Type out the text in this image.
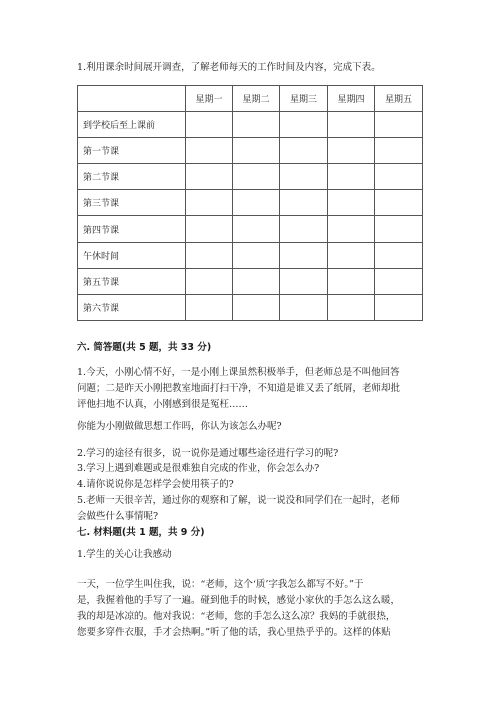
1.利用课余时间展开调查，了解老师每天的工作时间及内容，完成下表。
	星期一	星期二	星期三	星期四	星期五
到学校后至上课前					
第一节课					
第二节课					
第三节课					
第四节课					
午休时间					
第五节课					
第六节课					
六. 简答题(共 5 题，共 33 分)
1.今天，小刚心情不好，一是小刚上课虽然积极举手，但老师总是不叫他回答
问题；二是昨天小刚把教室地面打扫干净，不知道是谁又丢了纸屑，老师却批
评他扫地不认真，小刚感到很是冤枉……
你能为小刚做做思想工作吗，你认为该怎么办呢?
2.学习的途径有很多，说一说你是通过哪些途径进行学习的呢?
3.学习上遇到难题或是很难独自完成的作业，你会怎么办?
4.请你说说你是怎样学会使用筷子的?
5.老师一天很辛苦，通过你的观察和了解，说一说没和同学们在一起时，老师
会做些什么事情呢?
七. 材料题(共 1 题，共 9 分)
1.学生的关心让我感动
一天，一位学生叫住我，说：“老师，这个‘质’字我怎么都写不好。”于
是，我握着他的手写了一遍。碰到他手的时候，感觉小家伙的手怎么这么暖，
我的却是冰凉的。他对我说：“老师，您的手怎么这么凉？我妈的手就很热，
您要多穿件衣服，手才会热啊。”听了他的话，我心里热乎乎的。这样的体贴
